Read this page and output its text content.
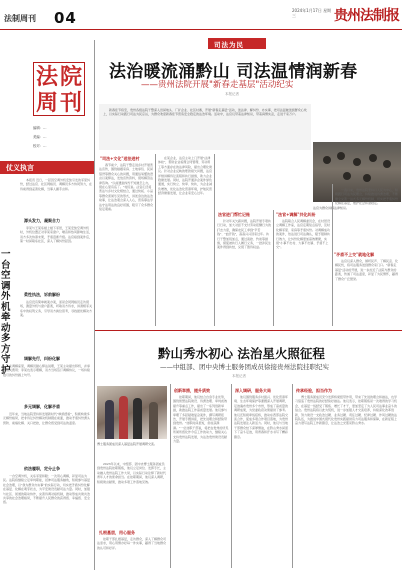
法制周刊 04	2024年1月17日 星期三	贵州法制报
法 院
周 刊
编辑：…
美编：…
校对：…
仗义执言
一台空调外机 牵动多方守护
　　本报讯 近日，一起因空调外机安装引发的邻里纠纷，经过法官、社区网格员、调解员多方协同努力，在诉前得到妥善化解，当事人握手言和。
源头发力，凝聚合力
　　李某与王某系楼上楼下邻居，王某安装空调外机时，外机位置正对李某家窗户，噪音和热风影响生活，双方多次协商未果，矛盾逐渐升级。法官接到案件后，第一时间联系社区，深入了解纠纷起因。
柔性执法，诉前解纷
　　法官没有简单就案办案，而是会同网格员走访现场，测量外机与窗户距离，听取双方诉求，讲清相邻关系中的权利义务，引导双方换位思考，寻找最优解决方案。
调解先行，纠纷化解
　　在调解室里，调解员耐心释法说理，王某主动提出移机，并承担相关费用；李某也表示理解，双方当场签订调解协议，一场持续数月的纠纷画上句号。
多元调解，化解矛盾
　　近年来，当地法院坚持和发展新时代"枫桥经验"，积极构建多元解纷格局，把非诉讼纠纷解决机制挺在前面，推动矛盾纠纷源头预防、前端化解、关口把控，让群众感受到司法的温度。
依法履职，定分止争
　　一台空调外机，关系邻里和睦；一次用心调解，彰显司法为民。法院将继续立足审判职能，延伸司法服务触角，积极参与基层社会治理，以"我为群众办实事"的实际行动，切实把矛盾纠纷化解在基层、化解在萌芽状态，为平安建设贡献司法力量。同时，加强与社区、街道的联动协作，完善诉调对接机制，推动形成共建共治共享的社会治理格局，不断提升人民群众的获得感、幸福感、安全感。
司法为民
法治暖流涌黔山 司法温情润新春
——贵州法院开展"新春走基层"活动纪实
本报记者
　　新春佳节将至，贵州各级法院干警深入田间地头、厂矿企业、社区村寨，开展"新春走基层"活动，送法律、解纠纷、办实事，把司法温暖送到群众心坎上，以实际行动践行司法为民宗旨，为群众欢度新春佳节营造安全稳定的法治环境。活动中，法官们带着法律知识，带着真情实意，走进千家万户。
法官为群众讲解法律知识。
"司法+文化"送法进村
　　春节前夕，法院干警走进乡村开展普法宣传，围绕婚姻家庭、土地承包、民间借贷等群众关心的问题，用通俗易懂的语言以案释法，发放宣传资料，现场解答法律咨询。"以前遇到纠纷不知道怎么办，现在心里有底了。"村民说。法官们还将普法与乡村文化相结合，通过快板、小品等群众喜闻乐见的形式，讲述身边的法治故事，让法治观念深入人心，营造尊法学法守法用法的良好氛围，吸引了众多群众驻足观看。
　　在某企业，法官主动上门开展"法律体检"，帮助企业梳理合同管理、劳动用工等方面存在的法律风险，提出合理化建议。针对企业反映的账款拖欠问题，法官详细讲解诉讼流程和执行措施，助力企业稳健发展。同时，法院开通涉企案件绿色通道，实行快立、快审、快执，为企业减负增效，优化法治化营商环境，护航民营经济健康发展，让企业家安心过年。
法官进门帮忙记账
　　针对年关欠薪问题，法院开展专项执行行动，加大对拒不支付劳动报酬行为的打击力度，确保农民工拿到"辛苦钱"、"血汗钱"，高高兴兴回家过年。执行干警加班加点，通过查控、约谈等措施，督促被执行人履行义务，一批涉民生案件得到执结，兑现了胜诉权益。
"法官+调解"共化纠纷
　　法院联合人民调解委员会，在村居设立调解工作室，法官定期驻点指导，及时化解邻里、家庭等矛盾纠纷。对调解成功的案件，依法进行司法确认，赋予强制执行效力，让纠纷化解更加高效便捷，实现"小事不出村、大事不出镇、矛盾不上交"。
"矛盾不上交"就地化解
　　一直以来，贵州法院坚持以人民为中心，积极践行司法为民理念，持续推进诉源治理，不断健全完善一站式多元解纷机制，切实把矛盾纠纷化解在基层，维护社会和谐稳定。
　　法官们深入群众，倾听民声、了解民意、化解民忧，将司法服务送到群众家门口。"新春走基层"活动的开展，进一步拉近了法院与群众的距离，传递了司法温度，彰显了为民情怀，赢得了群众广泛赞誉。
黔山秀水初心 法治星火照征程
——中组部、团中央博士服务团成员徐接贵州法院挂职纪实
本报记者
博士服务团成员深入基层法院开展调研交流。
　　2023年以来，中组部、团中央博士服务团成员到贵州法院挂职锻炼，他们立足岗位、发挥专长，主动融入贵州法院工作大局，以实际行动诠释了新时代青年人才的使命担当。在挂职期间，他们深入调研，积极建言献策，推动多项工作落地见效。
扎根基层，用心服务
　　挂职干部扎根基层，走访群众，深入了解群众司法需求，用心用情办好每一件实事，赢得了当地群众的认可和好评。
创新举措，提升质效
　　挂职期间，他们结合自身专业优势，围绕智慧法院建设、诉源治理、审判质效提升等重点工作，提出了一系列创新举措，助推法院工作高质量发展。他们参与审理了多起疑难复杂案件，撰写调研报告，开展专题讲座，把先进理念和经验带到贵州。"挂职时间虽短，但收获满满。"一位挂职干部说，将把在贵州的所见所闻所感化作今后工作的动力，继续关心支持贵州法院发展，为法治贵州建设贡献力量。
深入调研，服务大局
　　他们围绕服务乡村振兴、优化营商环境、生态环境保护等课题深入开展调研，足迹遍布贵州多个市州，形成了高质量的调研成果，为党委政府决策提供了参考。他们还积极牵线搭桥，推动东西部法院交流合作，促成多项合作项目落地，为贵州法院发展注入新活力。同时，他们与当地干部群众结下深厚情谊，在黔山秀水间留下了奋斗足迹，用青春和汗水书写了精彩篇章。
传承经验，担当作为
　　博士服务团成员充分发挥桥梁纽带作用，带来了先进的理念和做法，也学习借鉴了贵州法院的好经验好做法。他们表示，挂职锻炼是一次难得的学习机会，在基层一线经受了锻炼、增长了才干，更加坚定了为人民司法事业奋斗的信念。贵州法院将以此为契机，进一步加强人才交流培养，持续深化改革创新，努力建设一支政治过硬、业务过硬、责任过硬、纪律过硬、作风过硬的法院队伍，为推进中国式现代化贵州实践提供有力司法服务和保障，在新征程上奋力谱写法院工作新篇章，让法治之光照亮黔山秀水。
